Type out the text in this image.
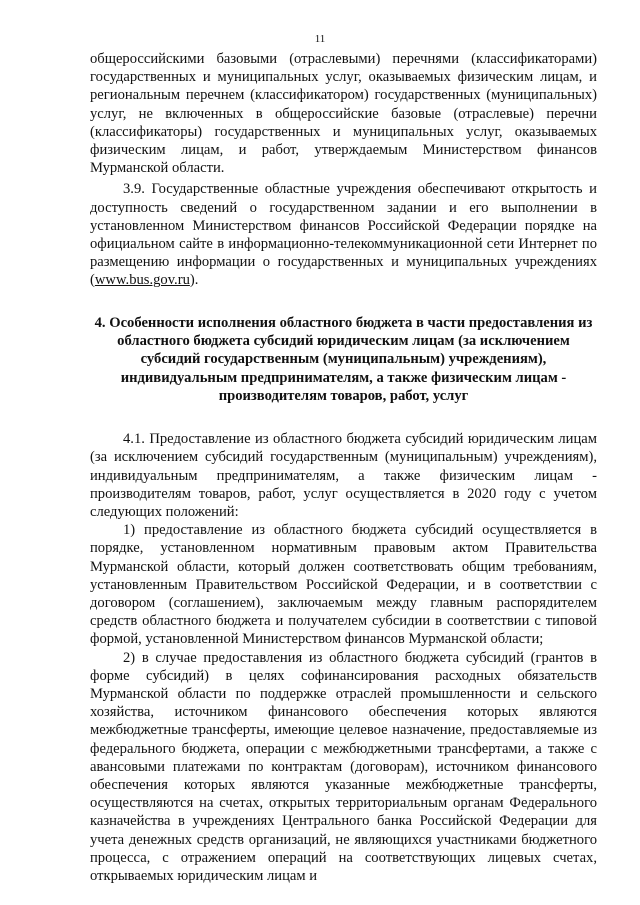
11

общероссийскими базовыми (отраслевыми) перечнями (классификаторами) государственных и муниципальных услуг, оказываемых физическим лицам, и региональным перечнем (классификатором) государственных (муниципальных) услуг, не включенных в общероссийские базовые (отраслевые) перечни (классификаторы) государственных и муниципальных услуг, оказываемых физическим лицам, и работ, утверждаемым Министерством финансов Мурманской области.

3.9. Государственные областные учреждения обеспечивают открытость и доступность сведений о государственном задании и его выполнении в установленном Министерством финансов Российской Федерации порядке на официальном сайте в информационно-телекоммуникационной сети Интернет по размещению информации о государственных и муниципальных учреждениях (www.bus.gov.ru).

4. Особенности исполнения областного бюджета в части предоставления из областного бюджета субсидий юридическим лицам (за исключением субсидий государственным (муниципальным) учреждениям), индивидуальным предпринимателям, а также физическим лицам - производителям товаров, работ, услуг

4.1. Предоставление из областного бюджета субсидий юридическим лицам (за исключением субсидий государственным (муниципальным) учреждениям), индивидуальным предпринимателям, а также физическим лицам - производителям товаров, работ, услуг осуществляется в 2020 году с учетом следующих положений:

1) предоставление из областного бюджета субсидий осуществляется в порядке, установленном нормативным правовым актом Правительства Мурманской области, который должен соответствовать общим требованиям, установленным Правительством Российской Федерации, и в соответствии с договором (соглашением), заключаемым между главным распорядителем средств областного бюджета и получателем субсидии в соответствии с типовой формой, установленной Министерством финансов Мурманской области;

2) в случае предоставления из областного бюджета субсидий (грантов в форме субсидий) в целях софинансирования расходных обязательств Мурманской области по поддержке отраслей промышленности и сельского хозяйства, источником финансового обеспечения которых являются межбюджетные трансферты, имеющие целевое назначение, предоставляемые из федерального бюджета, операции с межбюджетными трансфертами, а также с авансовыми платежами по контрактам (договорам), источником финансового обеспечения которых являются указанные межбюджетные трансферты, осуществляются на счетах, открытых территориальным органам Федерального казначейства в учреждениях Центрального банка Российской Федерации для учета денежных средств организаций, не являющихся участниками бюджетного процесса, с отражением операций на соответствующих лицевых счетах, открываемых юридическим лицам и
